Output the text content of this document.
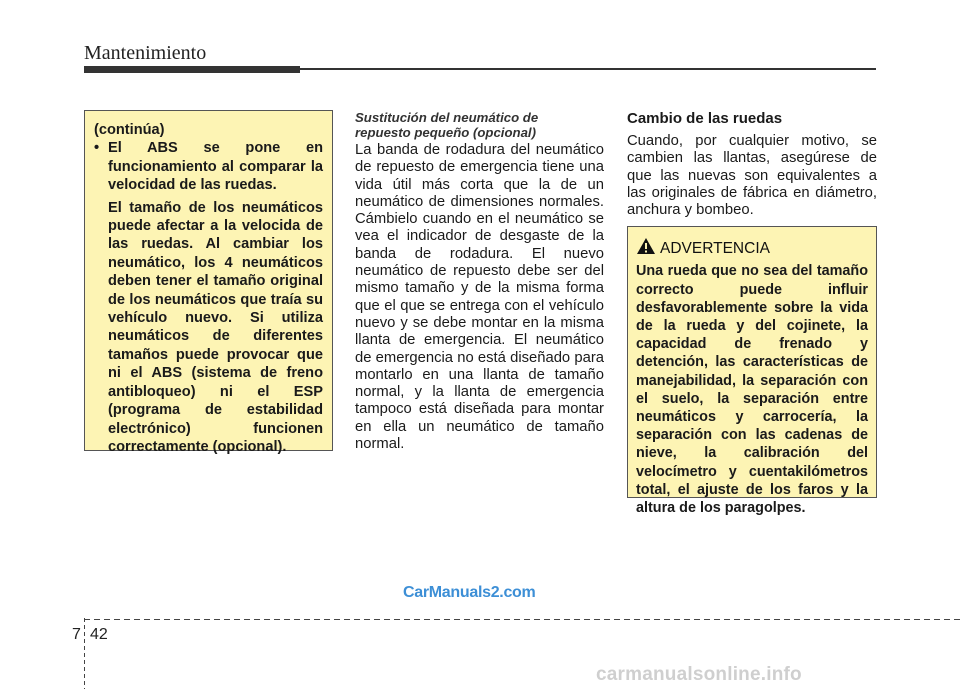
Mantenimiento

(continúa)

• El ABS se pone en funcionamiento al comparar la velocidad de las ruedas.

El tamaño de los neumáticos puede afectar a la velocida de las ruedas. Al cambiar los neumático, los 4 neumáticos deben tener el tamaño original de los neumáticos que traía su vehículo nuevo. Si utiliza neumáticos de diferentes tamaños puede provocar que ni el ABS (sistema de freno antibloqueo) ni el ESP (programa de estabilidad electrónico) funcionen correctamente (opcional).

Sustitución del neumático de
repuesto pequeño (opcional)

La banda de rodadura del neumático de repuesto de emergencia tiene una vida útil más corta que la de un neumático de dimensiones normales. Cámbielo cuando en el neumático se vea el indicador de desgaste de la banda de rodadura. El nuevo neumático de repuesto debe ser del mismo tamaño y de la misma forma que el que se entrega con el vehículo nuevo y se debe montar en la misma llanta de emergencia. El neumático de emergencia no está diseñado para montarlo en una llanta de tamaño normal, y la llanta de emergencia tampoco está diseñada para montar en ella un neumático de tamaño normal.

Cambio de las ruedas

Cuando, por cualquier motivo, se cambien las llantas, asegúrese de que las nuevas son equivalentes a las originales de fábrica en diámetro, anchura y bombeo.

ADVERTENCIA

Una rueda que no sea del tamaño correcto puede influir desfavorablemente sobre la vida de la rueda y del cojinete, la capacidad de frenado y detención, las características de manejabilidad, la separación con el suelo, la separación entre neumáticos y carrocería, la separación con las cadenas de nieve, la calibración del velocímetro y cuentakilómetros total, el ajuste de los faros y la altura de los paragolpes.

CarManuals2.com
7 42
carmanualsonline.info
